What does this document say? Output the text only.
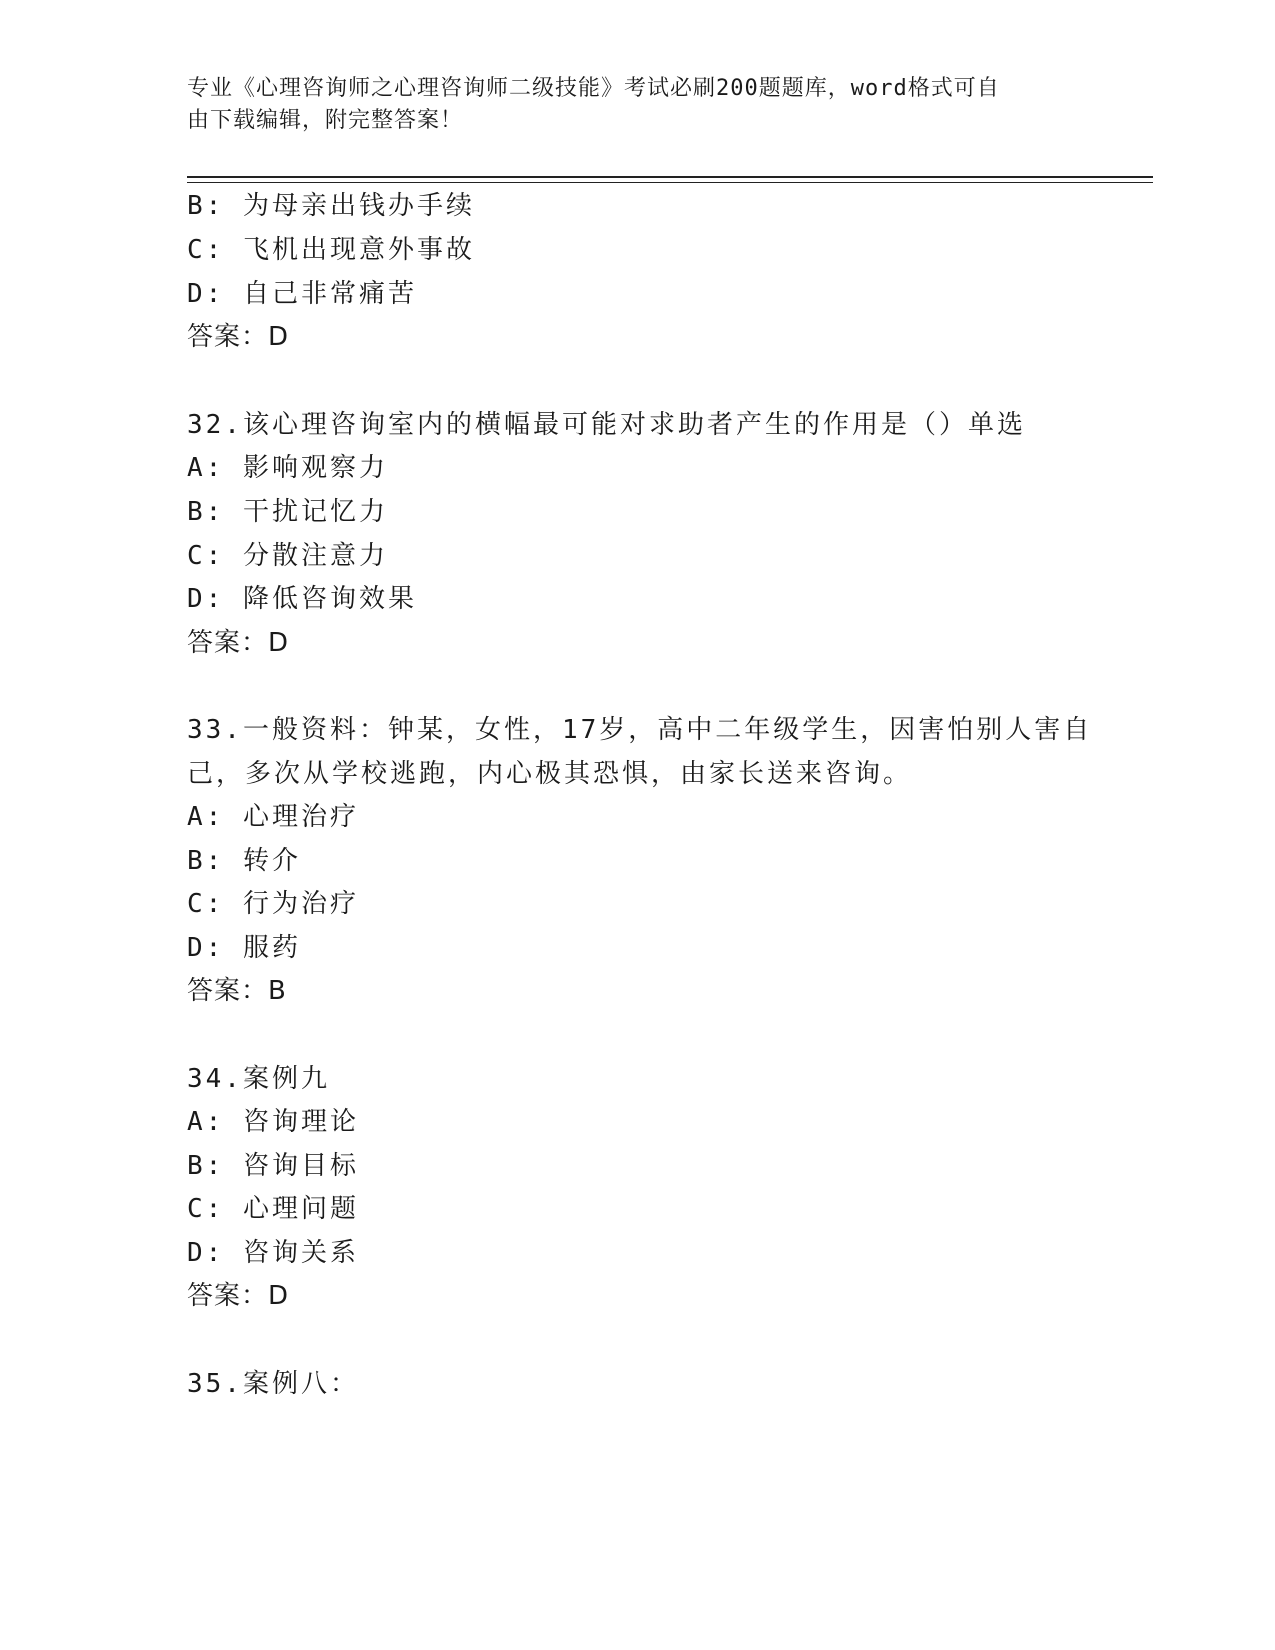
专业《心理咨询师之心理咨询师二级技能》考试必刷200题题库，word格式可自
由下载编辑，附完整答案！
B: 为母亲出钱办手续
C: 飞机出现意外事故
D: 自己非常痛苦
答案：D
32.该心理咨询室内的横幅最可能对求助者产生的作用是（）单选
A: 影响观察力
B: 干扰记忆力
C: 分散注意力
D: 降低咨询效果
答案：D
33.一般资料：钟某，女性，17岁，高中二年级学生，因害怕别人害自
己，多次从学校逃跑，内心极其恐惧，由家长送来咨询。
A: 心理治疗
B: 转介
C: 行为治疗
D: 服药
答案：B
34.案例九
A: 咨询理论
B: 咨询目标
C: 心理问题
D: 咨询关系
答案：D
35.案例八：
